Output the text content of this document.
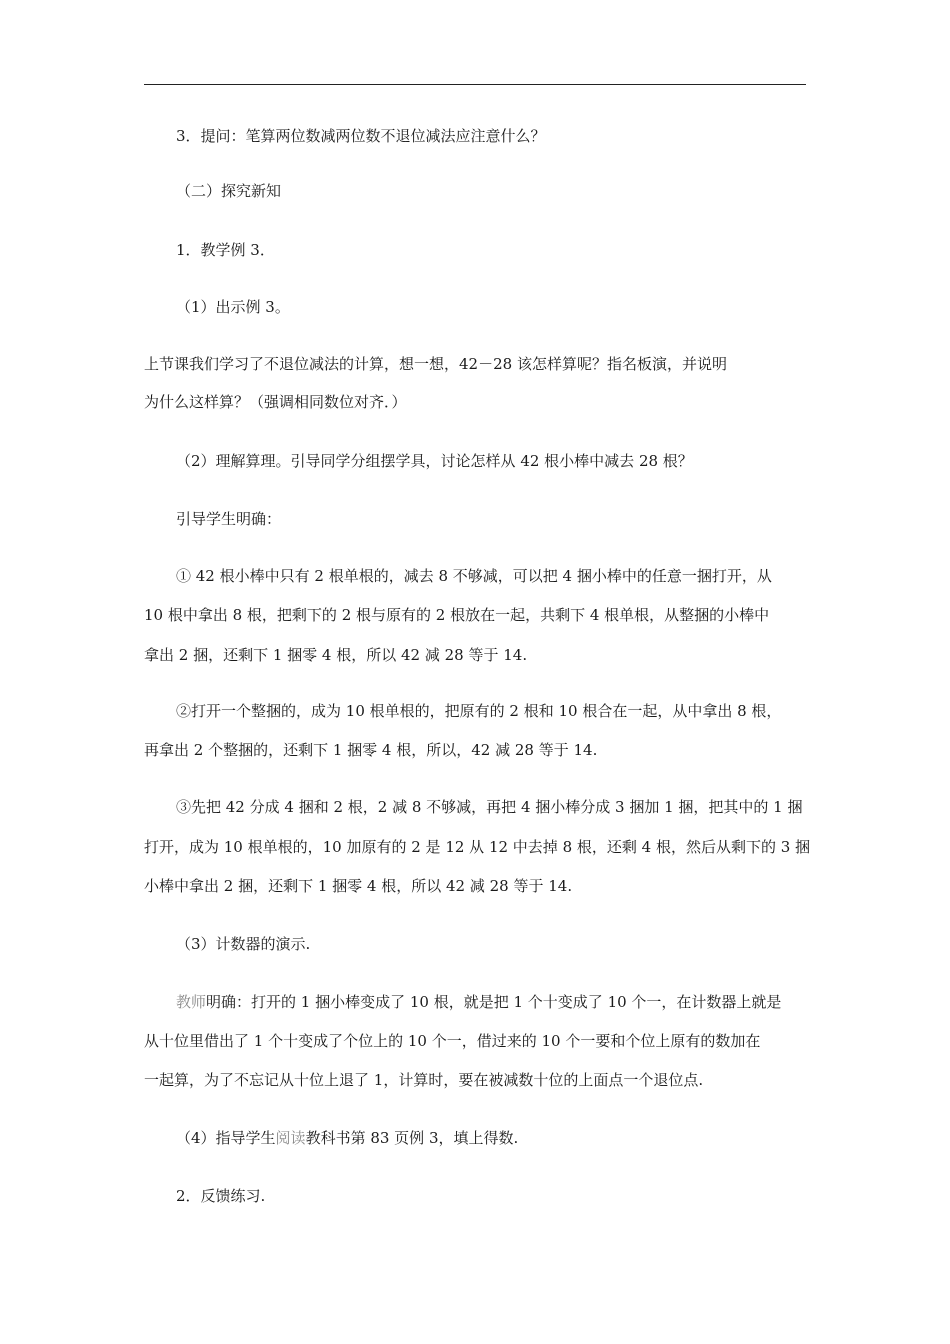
3．提问：笔算两位数减两位数不退位减法应注意什么？
（二）探究新知
1．教学例 3．
（1）出示例 3。
上节课我们学习了不退位减法的计算，想一想，42－28 该怎样算呢？指名板演，并说明
为什么这样算？（强调相同数位对齐．）
（2）理解算理。引导同学分组摆学具，讨论怎样从 42 根小棒中减去 28 根？
引导学生明确：
① 42 根小棒中只有 2 根单根的，减去 8 不够减，可以把 4 捆小棒中的任意一捆打开，从
10 根中拿出 8 根，把剩下的 2 根与原有的 2 根放在一起，共剩下 4 根单根，从整捆的小棒中
拿出 2 捆，还剩下 1 捆零 4 根，所以 42 减 28 等于 14.
②打开一个整捆的，成为 10 根单根的，把原有的 2 根和 10 根合在一起，从中拿出 8 根，
再拿出 2 个整捆的，还剩下 1 捆零 4 根，所以，42 减 28 等于 14.
③先把 42 分成 4 捆和 2 根，2 减 8 不够减，再把 4 捆小棒分成 3 捆加 1 捆，把其中的 1 捆
打开，成为 10 根单根的，10 加原有的 2 是 12 从 12 中去掉 8 根，还剩 4 根，然后从剩下的 3 捆
小棒中拿出 2 捆，还剩下 1 捆零 4 根，所以 42 减 28 等于 14.
（3）计数器的演示.
教师明确：打开的 1 捆小棒变成了 10 根，就是把 1 个十变成了 10 个一，在计数器上就是
从十位里借出了 1 个十变成了个位上的 10 个一，借过来的 10 个一要和个位上原有的数加在
一起算，为了不忘记从十位上退了 1，计算时，要在被减数十位的上面点一个退位点.
（4）指导学生阅读教科书第 83 页例 3，填上得数.
2．反馈练习.
